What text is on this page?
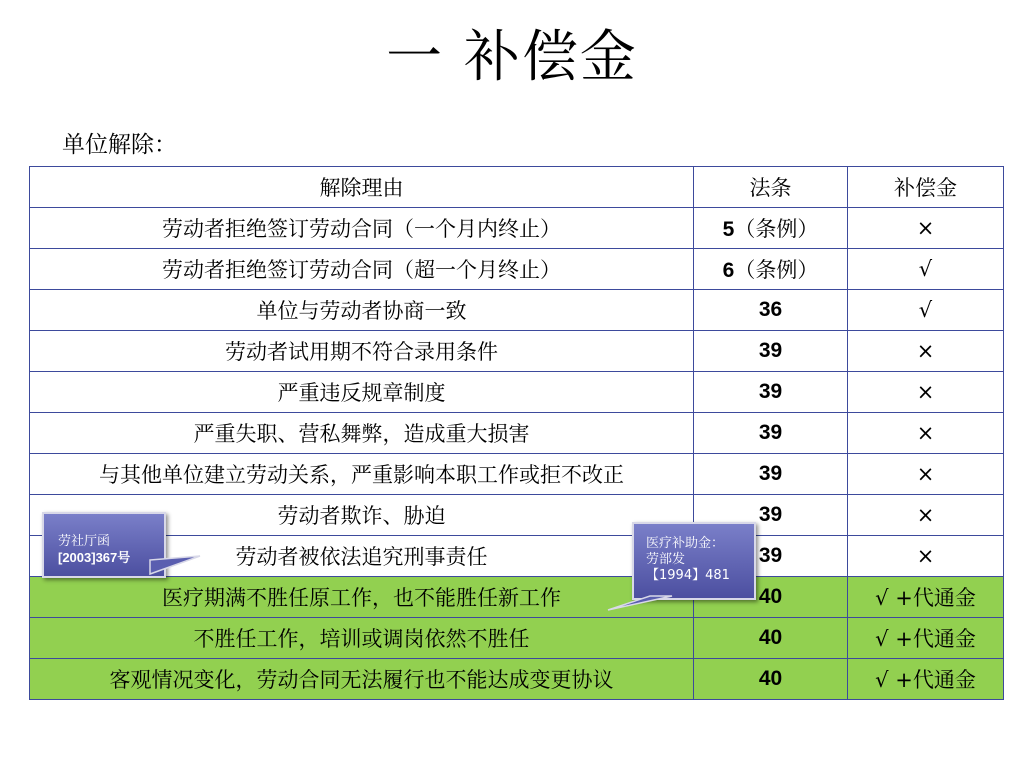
一 补偿金
单位解除：
解除理由	法条	补偿金
劳动者拒绝签订劳动合同（一个月内终止）	5（条例）	×
劳动者拒绝签订劳动合同（超一个月终止）	6（条例）	√
单位与劳动者协商一致	36	√
劳动者试用期不符合录用条件	39	×
严重违反规章制度	39	×
严重失职、营私舞弊，造成重大损害	39	×
与其他单位建立劳动关系，严重影响本职工作或拒不改正	39	×
劳动者欺诈、胁迫	39	×
劳动者被依法追究刑事责任	39	×
医疗期满不胜任原工作，也不能胜任新工作	40	√ +代通金
不胜任工作，培训或调岗依然不胜任	40	√ +代通金
客观情况变化，劳动合同无法履行也不能达成变更协议	40	√ +代通金
劳社厅函
[2003]367号
医疗补助金：
劳部发
【1994】481
